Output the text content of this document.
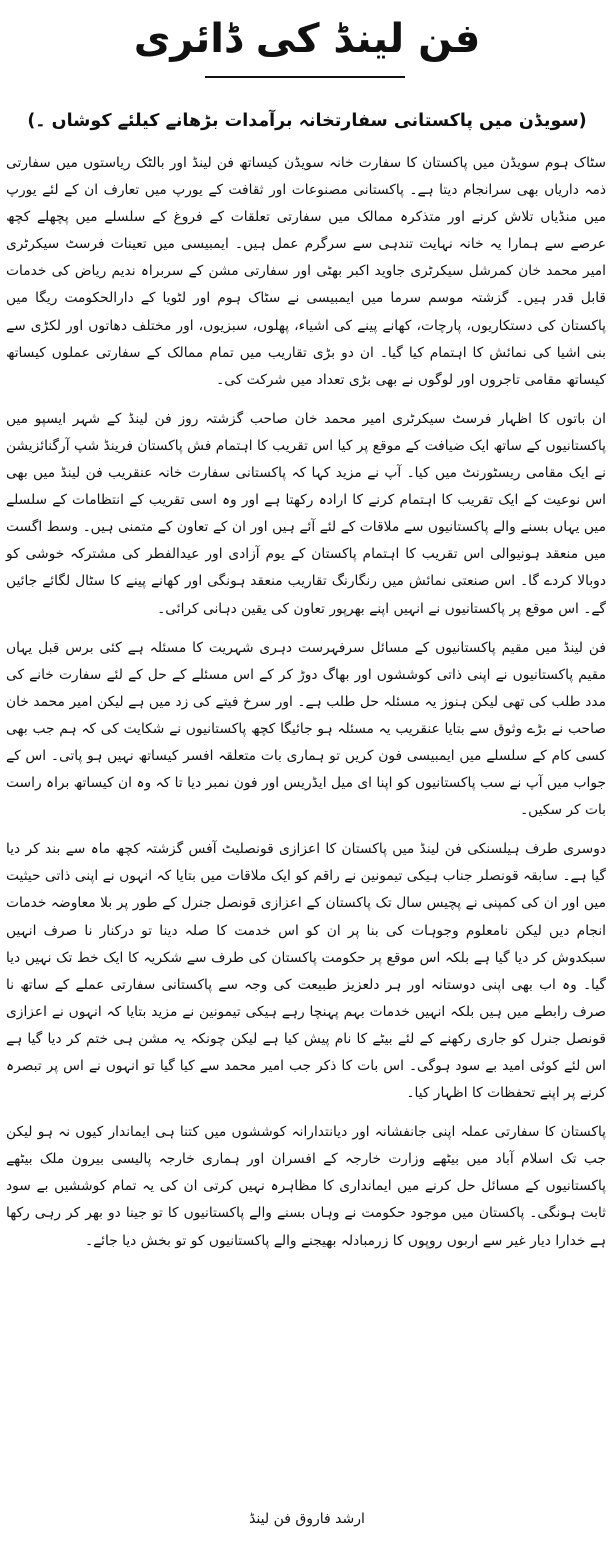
فن لینڈ کی ڈائری
(سویڈن میں پاکستانی سفارتخانہ برآمدات بڑھانے کیلئے کوشاں ۔)

سٹاک ہوم سویڈن میں پاکستان کا سفارت خانہ سویڈن کیساتھ فن لینڈ اور بالٹک ریاستوں میں سفارتی ذمہ داریاں بھی سرانجام دیتا ہے۔ پاکستانی مصنوعات اور ثقافت کے یورپ میں تعارف ان کے لئے یورپ میں منڈیاں تلاش کرنے اور متذکرہ ممالک میں سفارتی تعلقات کے فروغ کے سلسلے میں پچھلے کچھ عرصے سے ہمارا یہ خانہ نہایت تندہی سے سرگرم عمل ہیں۔ ایمبیسی میں تعینات فرسٹ سیکرٹری امیر محمد خان کمرشل سیکرٹری جاوید اکبر بھٹی اور سفارتی مشن کے سربراہ ندیم ریاض کی خدمات قابل قدر ہیں۔ گزشتہ موسم سرما میں ایمبیسی نے سٹاک ہوم اور لٹویا کے دارالحکومت ریگا میں پاکستان کی دستکاریوں، پارچات، کھانے پینے کی اشیاء، پھلوں، سبزیوں، اور مختلف دھاتوں اور لکڑی سے بنی اشیا کی نمائش کا اہتمام کیا گیا۔ ان دو بڑی تقاریب میں تمام ممالک کے سفارتی عملوں کیساتھ کیساتھ مقامی تاجروں اور لوگوں نے بھی بڑی تعداد میں شرکت کی۔

ان باتوں کا اظہار فرسٹ سیکرٹری امیر محمد خان صاحب گزشتہ روز فن لینڈ کے شہر ایسپو میں پاکستانیوں کے ساتھ ایک ضیافت کے موقع پر کیا اس تقریب کا اہتمام فش پاکستان فرینڈ شپ آرگنائزیشن نے ایک مقامی ریسٹورنٹ میں کیا۔ آپ نے مزید کہا کہ پاکستانی سفارت خانہ عنقریب فن لینڈ میں بھی اس نوعیت کے ایک تقریب کا اہتمام کرنے کا ارادہ رکھتا ہے اور وہ اسی تقریب کے انتظامات کے سلسلے میں یہاں بسنے والے پاکستانیوں سے ملاقات کے لئے آئے ہیں اور ان کے تعاون کے متمنی ہیں۔ وسط اگست میں منعقد ہونیوالی اس تقریب کا اہتمام پاکستان کے یوم آزادی اور عیدالفطر کی مشترکہ خوشی کو دوبالا کردے گا۔ اس صنعتی نمائش میں رنگارنگ تقاریب منعقد ہونگی اور کھانے پینے کا سٹال لگائے جائیں گے۔ اس موقع پر پاکستانیوں نے انہیں اپنے بھرپور تعاون کی یقین دہانی کرائی۔

فن لینڈ میں مقیم پاکستانیوں کے مسائل سرفہرست دہری شہریت کا مسئلہ ہے کئی برس قبل یہاں مقیم پاکستانیوں نے اپنی ذاتی کوششوں اور بھاگ دوڑ کر کے اس مسئلے کے حل کے لئے سفارت خانے کی مدد طلب کی تھی لیکن ہنوز یہ مسئلہ حل طلب ہے۔ اور سرخ فیتے کی زد میں ہے لیکن امیر محمد خان صاحب نے بڑے وثوق سے بتایا عنقریب یہ مسئلہ ہو جائیگا کچھ پاکستانیوں نے شکایت کی کہ ہم جب بھی کسی کام کے سلسلے میں ایمبیسی فون کریں تو ہماری بات متعلقہ افسر کیساتھ نہیں ہو پاتی۔ اس کے جواب میں آپ نے سب پاکستانیوں کو اپنا ای میل ایڈریس اور فون نمبر دیا تا کہ وہ ان کیساتھ براہ راست بات کر سکیں۔

دوسری طرف ہیلسنکی فن لینڈ میں پاکستان کا اعزازی قونصلیٹ آفس گزشتہ کچھ ماہ سے بند کر دیا گیا ہے۔ سابقہ قونصلر جناب ہیکی تیمونین نے راقم کو ایک ملاقات میں بتایا کہ انہوں نے اپنی ذاتی حیثیت میں اور ان کی کمپنی نے پچیس سال تک پاکستان کے اعزازی قونصل جنرل کے طور پر بلا معاوضہ خدمات انجام دیں لیکن نامعلوم وجوہات کی بنا پر ان کو اس خدمت کا صلہ دینا تو درکنار نا صرف انہیں سبکدوش کر دیا گیا ہے بلکہ اس موقع پر حکومت پاکستان کی طرف سے شکریہ کا ایک خط تک نہیں دیا گیا۔ وہ اب بھی اپنی دوستانہ اور ہر دلعزیز طبیعت کی وجہ سے پاکستانی سفارتی عملے کے ساتھ نا صرف رابطے میں ہیں بلکہ انہیں خدمات بہم پہنچا رہے ہیکی تیمونین نے مزید بتایا کہ انہوں نے اعزازی قونصل جنرل کو جاری رکھنے کے لئے بیٹے کا نام پیش کیا ہے لیکن چونکہ یہ مشن ہی ختم کر دیا گیا ہے اس لئے کوئی امید بے سود ہوگی۔ اس بات کا ذکر جب امیر محمد سے کیا گیا تو انہوں نے اس پر تبصرہ کرنے پر اپنے تحفظات کا اظہار کیا۔

پاکستان کا سفارتی عملہ اپنی جانفشانہ اور دیانتدارانہ کوششوں میں کتنا ہی ایماندار کیوں نہ ہو لیکن جب تک اسلام آباد میں بیٹھے وزارت خارجہ کے افسران اور ہماری خارجہ پالیسی بیرون ملک بیٹھے پاکستانیوں کے مسائل حل کرنے میں ایمانداری کا مظاہرہ نہیں کرتی ان کی یہ تمام کوششیں بے سود ثابت ہونگی۔ پاکستان میں موجود حکومت نے وہاں بسنے والے پاکستانیوں کا تو جینا دو بھر کر رہی رکھا ہے خدارا دیار غیر سے اربوں روپوں کا زرمبادلہ بھیجنے والے پاکستانیوں کو تو بخش دیا جائے۔

ارشد فاروق فن لینڈ
